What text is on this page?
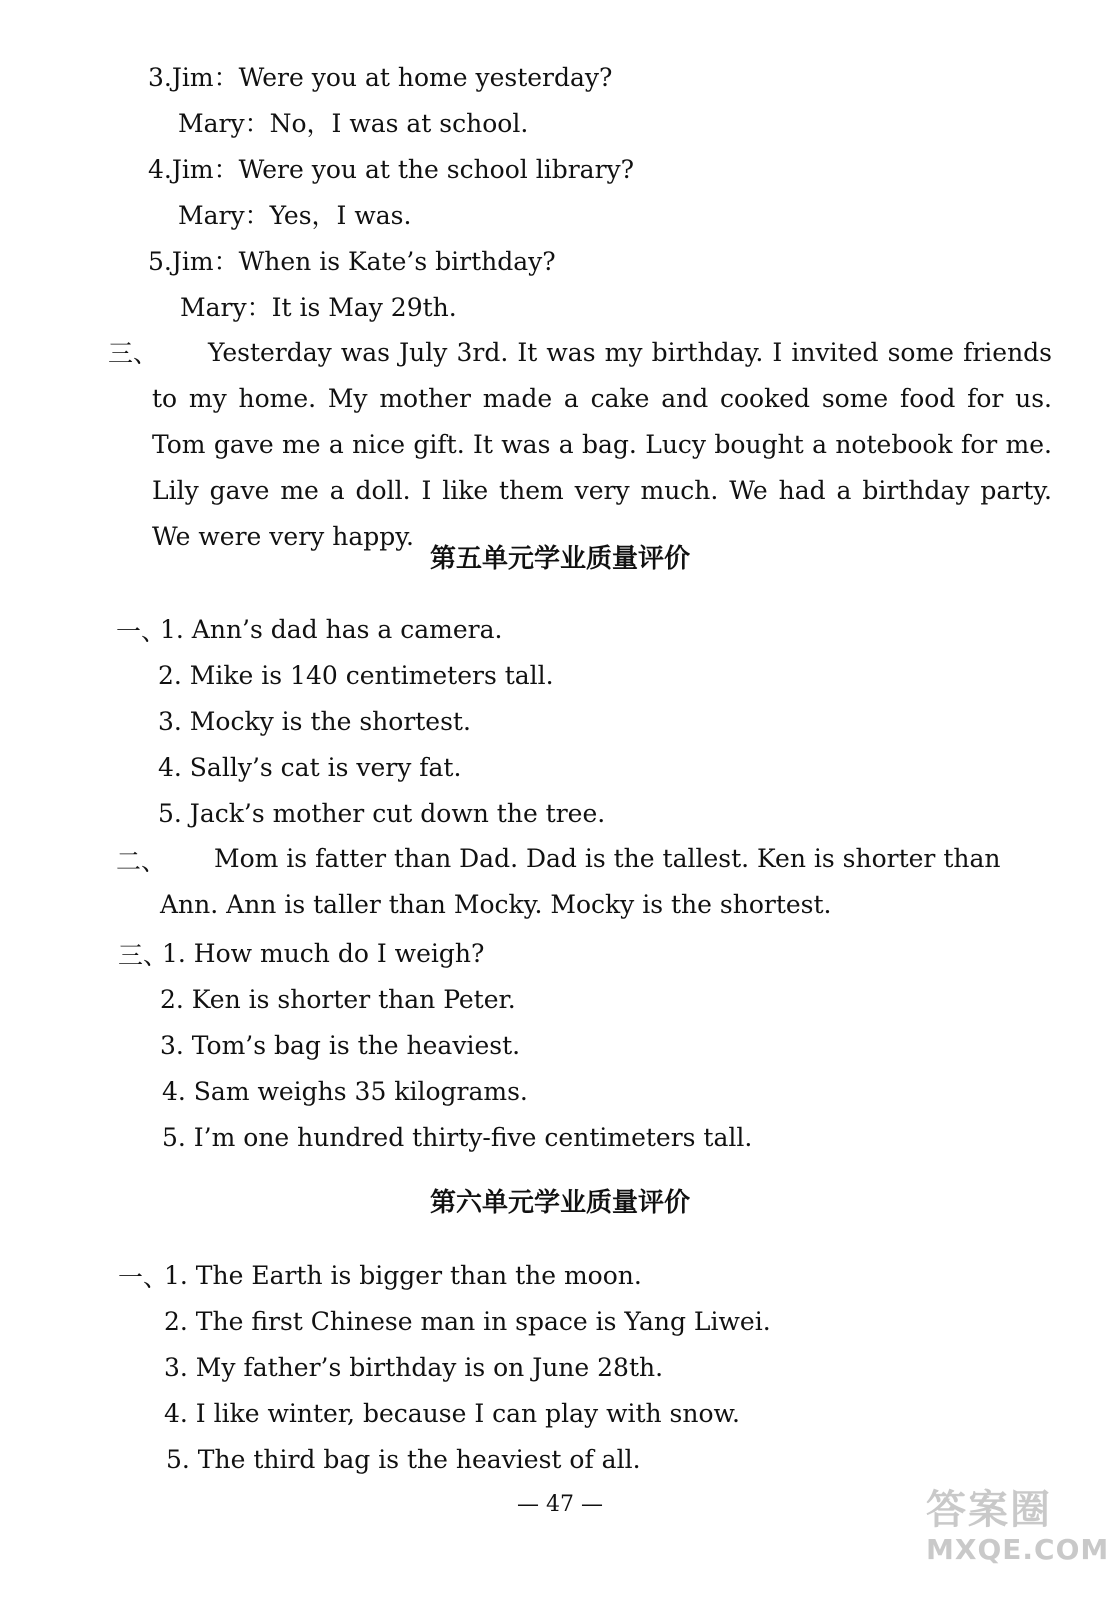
3.Jim：Were you at home yesterday?
Mary：No，I was at school.
4.Jim：Were you at the school library?
Mary：Yes，I was.
5.Jim：When is Kate’s birthday?
Mary：It is May 29th.
三、	Yesterday was July 3rd. It was my birthday. I invited some friends to my home. My mother made a cake and cooked some food for us. Tom gave me a nice gift. It was a bag. Lucy bought a notebook for me. Lily gave me a doll. I like them very much. We had a birthday party. We were very happy.
第五单元学业质量评价
一、
1. Ann’s dad has a camera.
2. Mike is 140 centimeters tall.
3. Mocky is the shortest.
4. Sally’s cat is very fat.
5. Jack’s mother cut down the tree.
二、	Mom is fatter than Dad. Dad is the tallest. Ken is shorter than Ann. Ann is taller than Mocky. Mocky is the shortest.
三、
1. How much do I weigh?
2. Ken is shorter than Peter.
3. Tom’s bag is the heaviest.
4. Sam weighs 35 kilograms.
5. I’m one hundred thirty-five centimeters tall.
第六单元学业质量评价
一、
1. The Earth is bigger than the moon.
2. The first Chinese man in space is Yang Liwei.
3. My father’s birthday is on June 28th.
4. I like winter, because I can play with snow.
5. The third bag is the heaviest of all.
— 47 —	答案圈
MXQE.COM
